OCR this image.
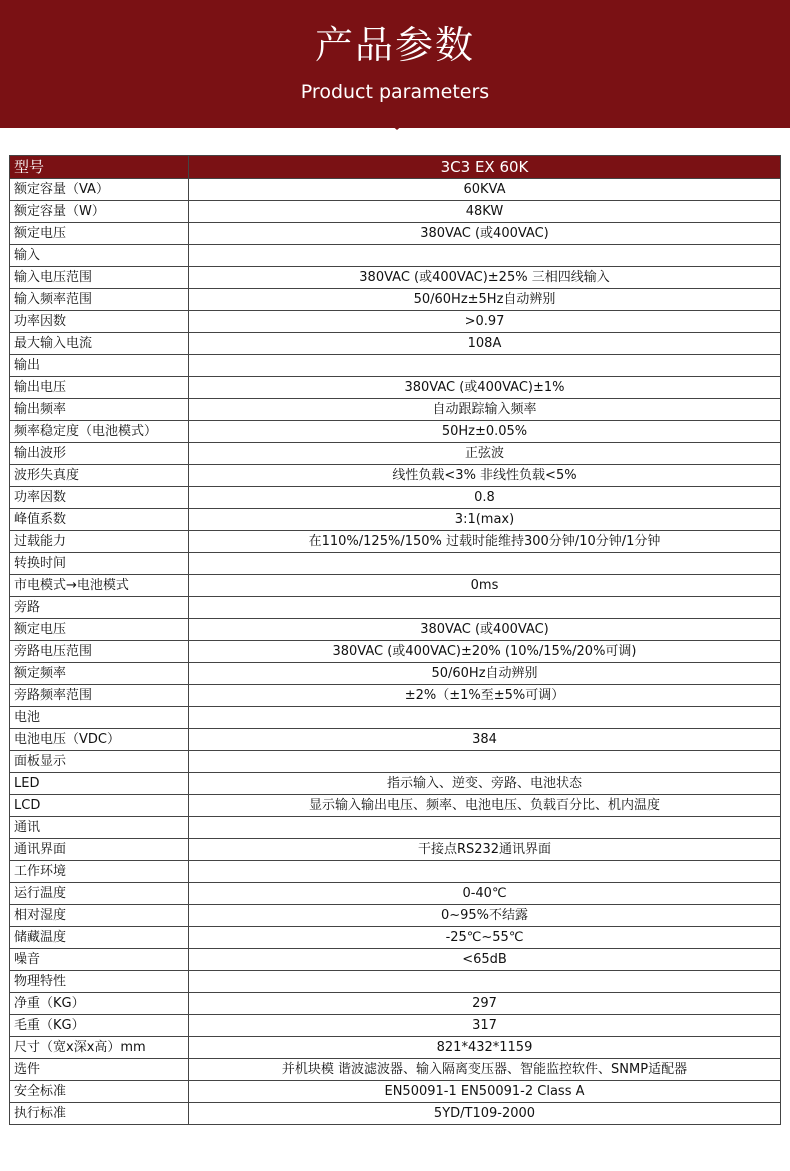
产品参数
Product parameters
型号	3C3 EX 60K
额定容量（VA）	60KVA
额定容量（W）	48KW
额定电压	380VAC (或400VAC)
输入	
输入电压范围	380VAC (或400VAC)±25% 三相四线输入
输入频率范围	50/60Hz±5Hz自动辨别
功率因数	>0.97
最大输入电流	108A
输出	
输出电压	380VAC (或400VAC)±1%
输出频率	自动跟踪输入频率
频率稳定度（电池模式）	50Hz±0.05%
输出波形	正弦波
波形失真度	线性负载<3% 非线性负载<5%
功率因数	0.8
峰值系数	3:1(max)
过载能力	在110%/125%/150% 过载时能维持300分钟/10分钟/1分钟
转换时间	
市电模式→电池模式	0ms
旁路	
额定电压	380VAC (或400VAC)
旁路电压范围	380VAC (或400VAC)±20% (10%/15%/20%可调)
额定频率	50/60Hz自动辨别
旁路频率范围	±2%（±1%至±5%可调）
电池	
电池电压（VDC）	384
面板显示	
LED	指示输入、逆变、旁路、电池状态
LCD	显示输入输出电压、频率、电池电压、负载百分比、机内温度
通讯	
通讯界面	干接点RS232通讯界面
工作环境	
运行温度	0-40℃
相对湿度	0~95%不结露
储藏温度	-25℃~55℃
噪音	<65dB
物理特性	
净重（KG）	297
毛重（KG）	317
尺寸（宽x深x高）mm	821*432*1159
选件	并机块模 谐波滤波器、输入隔离变压器、智能监控软件、SNMP适配器
安全标准	EN50091-1 EN50091-2 Class A
执行标准	5YD/T109-2000
